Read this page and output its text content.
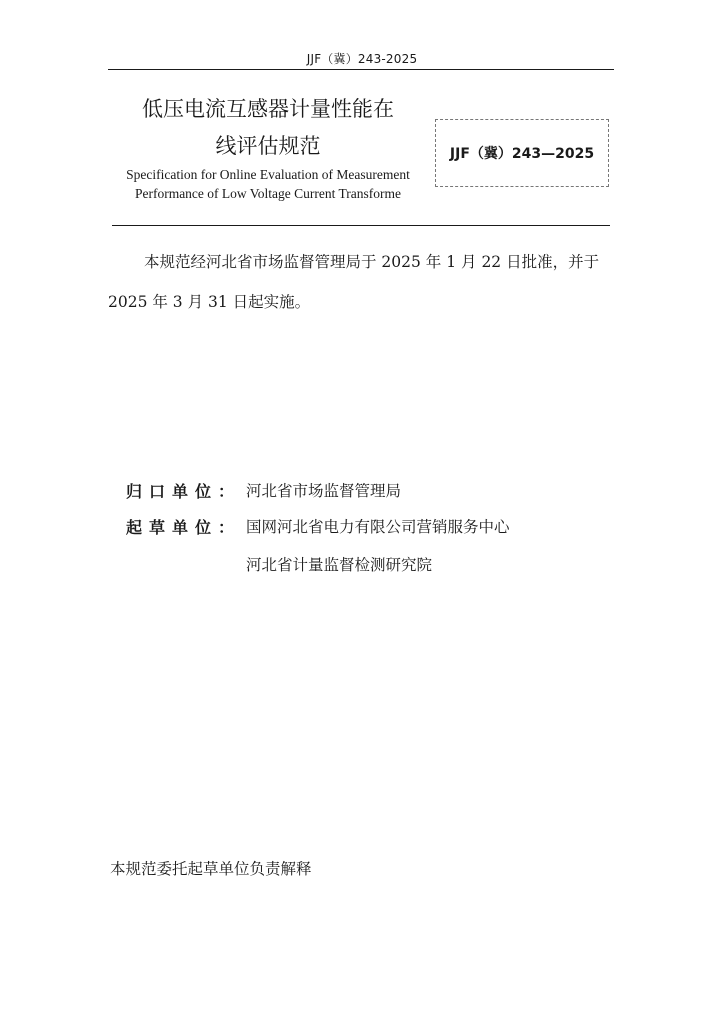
JJF（冀）243-2025
低压电流互感器计量性能在
线评估规范
Specification for Online Evaluation of Measurement
Performance of Low Voltage Current Transforme
JJF（冀）243—2025
本规范经河北省市场监督管理局于 2025 年 1 月 22 日批准，并于
2025 年 3 月 31 日起实施。
归口单位： 河北省市场监督管理局
起草单位： 国网河北省电力有限公司营销服务中心
河北省计量监督检测研究院
本规范委托起草单位负责解释
